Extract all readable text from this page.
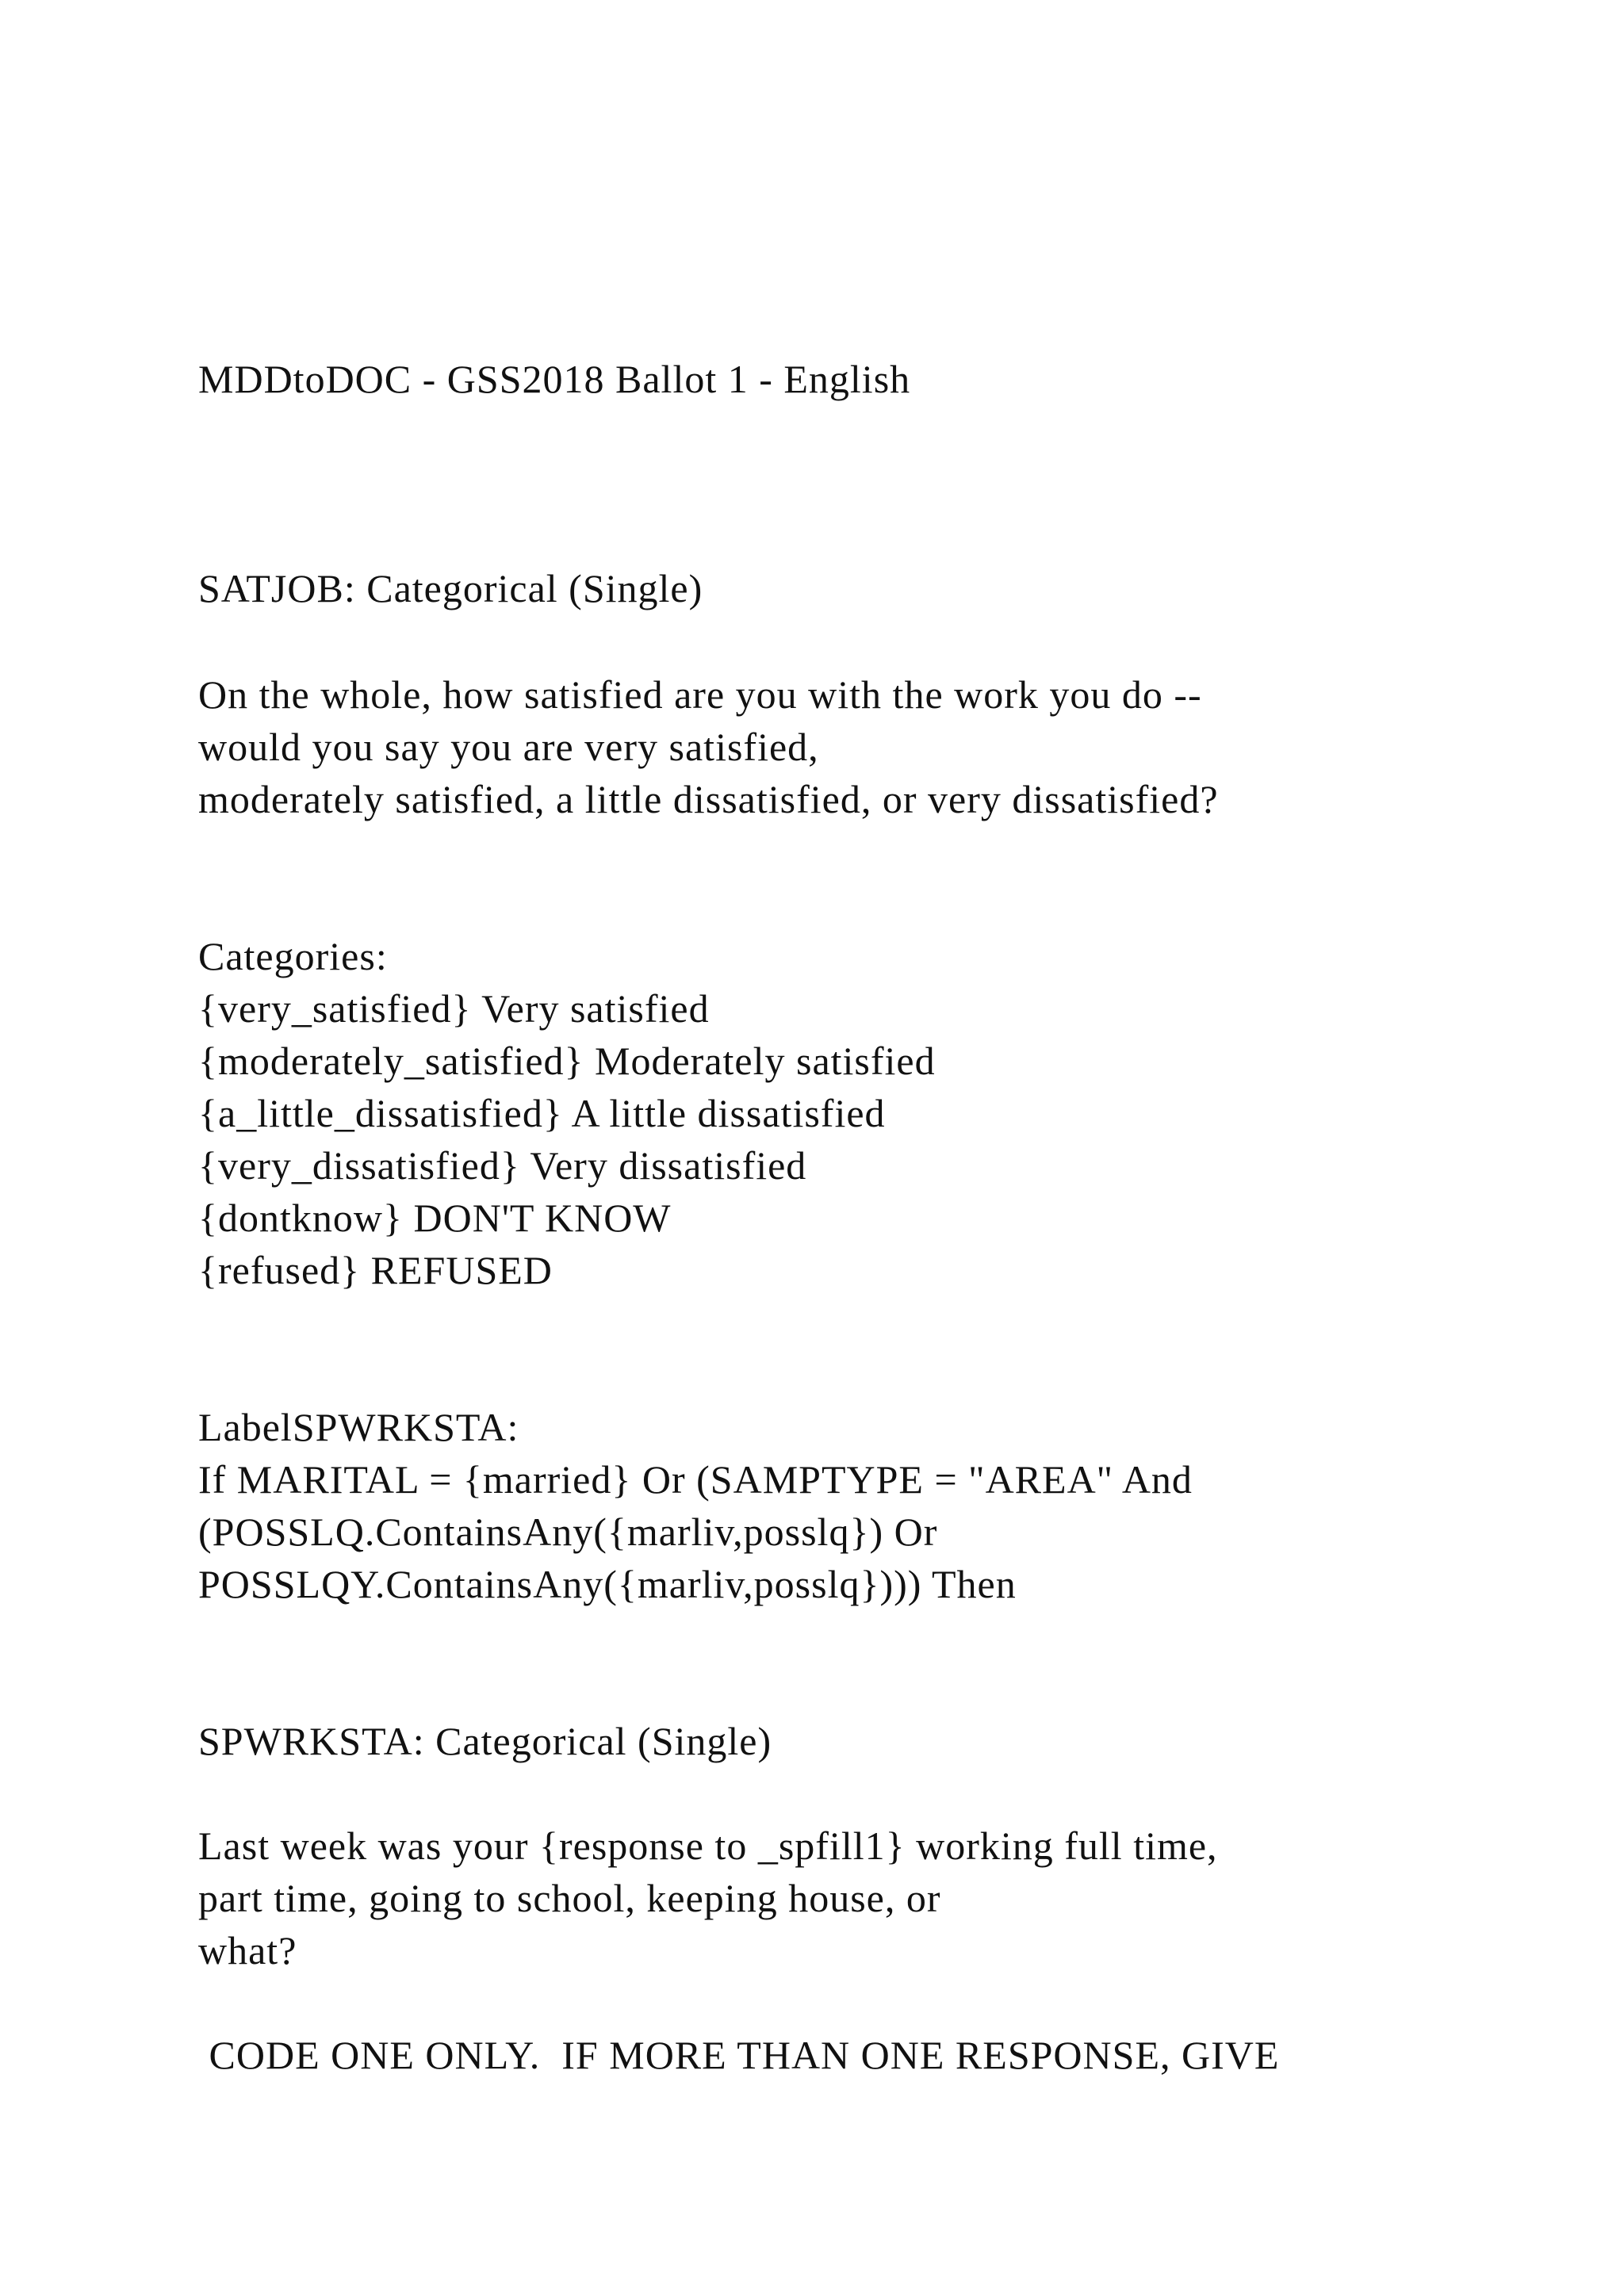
MDDtoDOC - GSS2018 Ballot 1 - English
SATJOB: Categorical (Single)
On the whole, how satisfied are you with the work you do --
would you say you are very satisfied,
moderately satisfied, a little dissatisfied, or very dissatisfied?
Categories:
{very_satisfied} Very satisfied
{moderately_satisfied} Moderately satisfied
{a_little_dissatisfied} A little dissatisfied
{very_dissatisfied} Very dissatisfied
{dontknow} DON'T KNOW
{refused} REFUSED
LabelSPWRKSTA:
If MARITAL = {married} Or (SAMPTYPE = "AREA" And
(POSSLQ.ContainsAny({marliv,posslq}) Or
POSSLQY.ContainsAny({marliv,posslq}))) Then
SPWRKSTA: Categorical (Single)
Last week was your {response to _spfill1} working full time,
part time, going to school, keeping house, or
what?
CODE ONE ONLY.  IF MORE THAN ONE RESPONSE, GIVE
